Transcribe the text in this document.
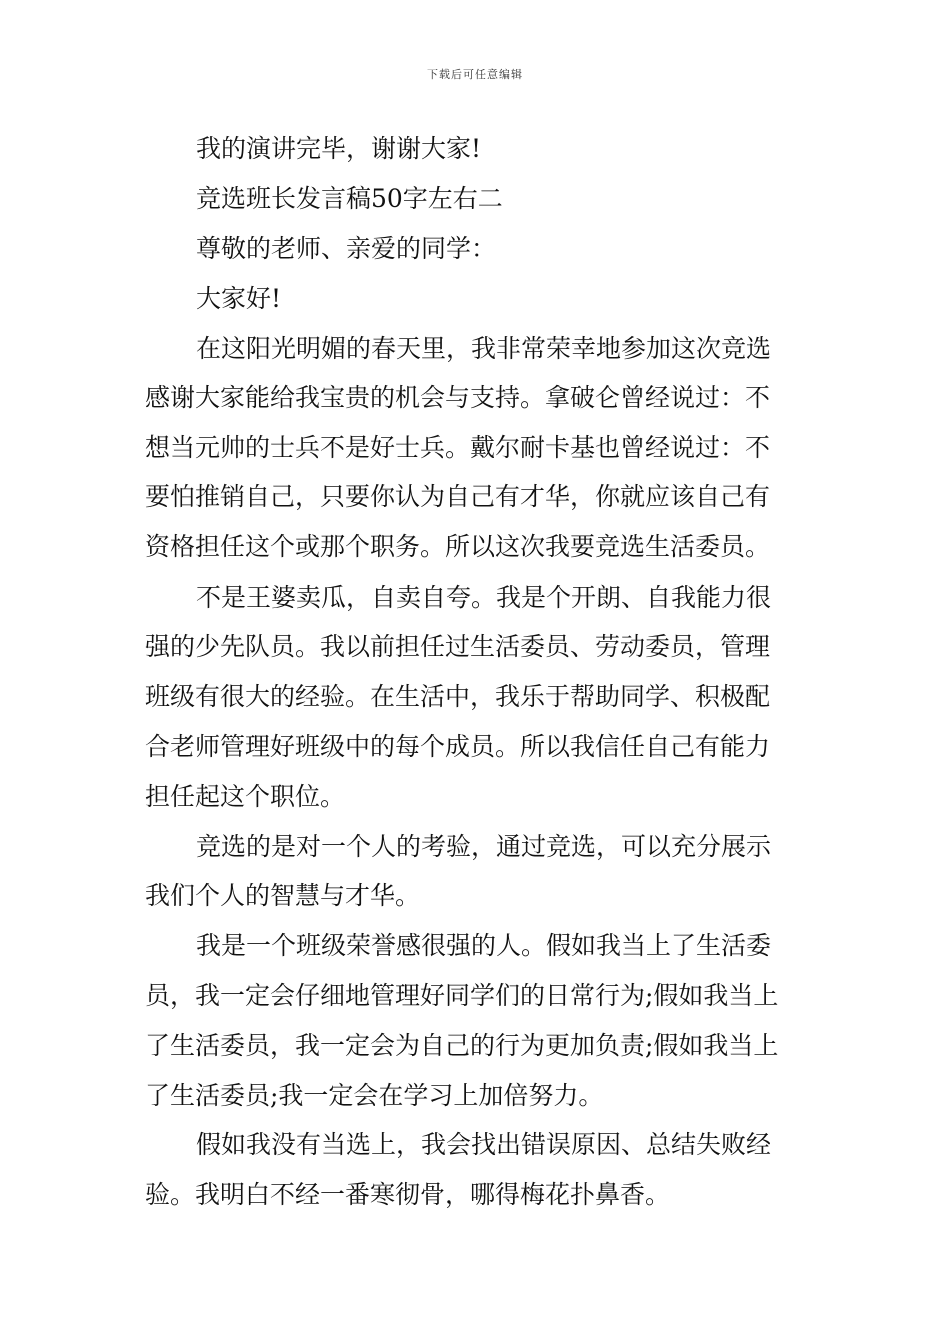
下载后可任意编辑
我的演讲完毕，谢谢大家!
竞选班长发言稿50字左右二
尊敬的老师、亲爱的同学：
大家好!
在这阳光明媚的春天里，我非常荣幸地参加这次竞选
感谢大家能给我宝贵的机会与支持。拿破仑曾经说过：不
想当元帅的士兵不是好士兵。戴尔耐卡基也曾经说过：不
要怕推销自己，只要你认为自己有才华，你就应该自己有
资格担任这个或那个职务。所以这次我要竞选生活委员。
不是王婆卖瓜，自卖自夸。我是个开朗、自我能力很
强的少先队员。我以前担任过生活委员、劳动委员，管理
班级有很大的经验。在生活中，我乐于帮助同学、积极配
合老师管理好班级中的每个成员。所以我信任自己有能力
担任起这个职位。
竞选的是对一个人的考验，通过竞选，可以充分展示
我们个人的智慧与才华。
我是一个班级荣誉感很强的人。假如我当上了生活委
员，我一定会仔细地管理好同学们的日常行为;假如我当上
了生活委员，我一定会为自己的行为更加负责;假如我当上
了生活委员;我一定会在学习上加倍努力。
假如我没有当选上，我会找出错误原因、总结失败经
验。我明白不经一番寒彻骨，哪得梅花扑鼻香。
